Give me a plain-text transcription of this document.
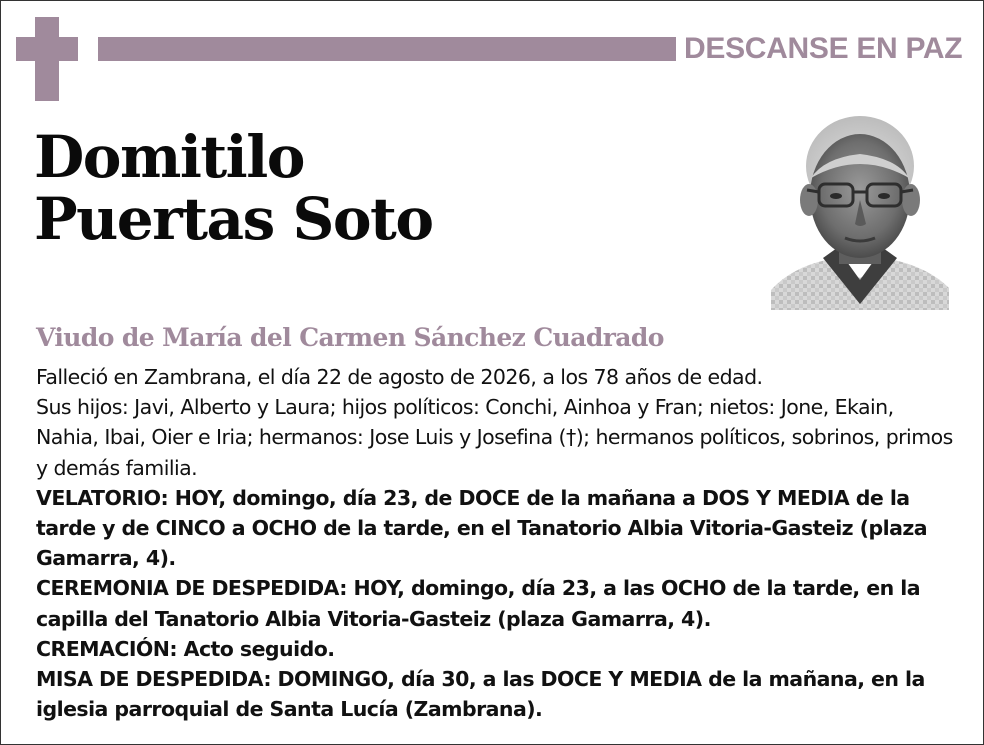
DESCANSE EN PAZ
Domitilo
Puertas Soto
Viudo de María del Carmen Sánchez Cuadrado

Falleció en Zambrana, el día 22 de agosto de 2026, a los 78 años de edad.

Sus hijos: Javi, Alberto y Laura; hijos políticos: Conchi, Ainhoa y Fran; nietos: Jone, Ekain, Nahia, Ibai, Oier e Iria; hermanos: Jose Luis y Josefina (†); hermanos políticos, sobrinos, primos y demás familia.

VELATORIO: HOY, domingo, día 23, de DOCE de la mañana a DOS Y MEDIA de la tarde y de CINCO a OCHO de la tarde, en el Tanatorio Albia Vitoria-Gasteiz (plaza Gamarra, 4).

CEREMONIA DE DESPEDIDA: HOY, domingo, día 23, a las OCHO de la tarde, en la capilla del Tanatorio Albia Vitoria-Gasteiz (plaza Gamarra, 4).

CREMACIÓN: Acto seguido.

MISA DE DESPEDIDA: DOMINGO, día 30, a las DOCE Y MEDIA de la mañana, en la iglesia parroquial de Santa Lucía (Zambrana).
